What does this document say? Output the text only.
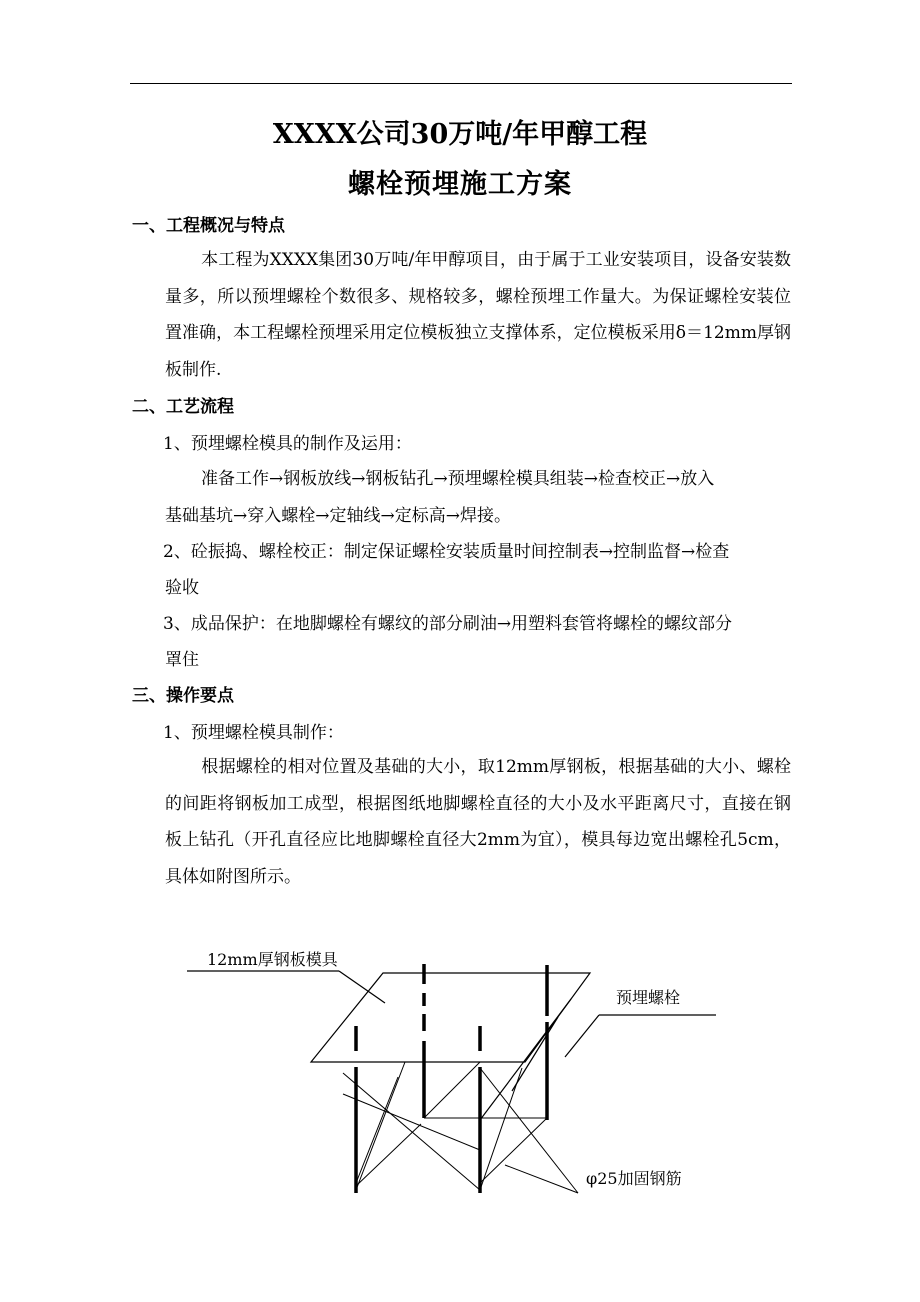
XXXX公司30万吨/年甲醇工程
螺栓预埋施工方案
一、工程概况与特点
本工程为XXXX集团30万吨/年甲醇项目，由于属于工业安装项目，设备安装数量多，所以预埋螺栓个数很多、规格较多，螺栓预埋工作量大。为保证螺栓安装位置准确，本工程螺栓预埋采用定位模板独立支撑体系，定位模板采用δ＝12mm厚钢板制作.
二、工艺流程
1、预埋螺栓模具的制作及运用：
准备工作→钢板放线→钢板钻孔→预埋螺栓模具组装→检查校正→放入
基础基坑→穿入螺栓→定轴线→定标高→焊接。
2、砼振捣、螺栓校正：制定保证螺栓安装质量时间控制表→控制监督→检查
验收
3、成品保护：在地脚螺栓有螺纹的部分刷油→用塑料套管将螺栓的螺纹部分
罩住
三、操作要点
1、预埋螺栓模具制作：
根据螺栓的相对位置及基础的大小，取12mm厚钢板，根据基础的大小、螺栓的间距将钢板加工成型，根据图纸地脚螺栓直径的大小及水平距离尺寸，直接在钢板上钻孔（开孔直径应比地脚螺栓直径大2mm为宜），模具每边宽出螺栓孔5cm，具体如附图所示。
12mm厚钢板模具
预埋螺栓
φ25加固钢筋
